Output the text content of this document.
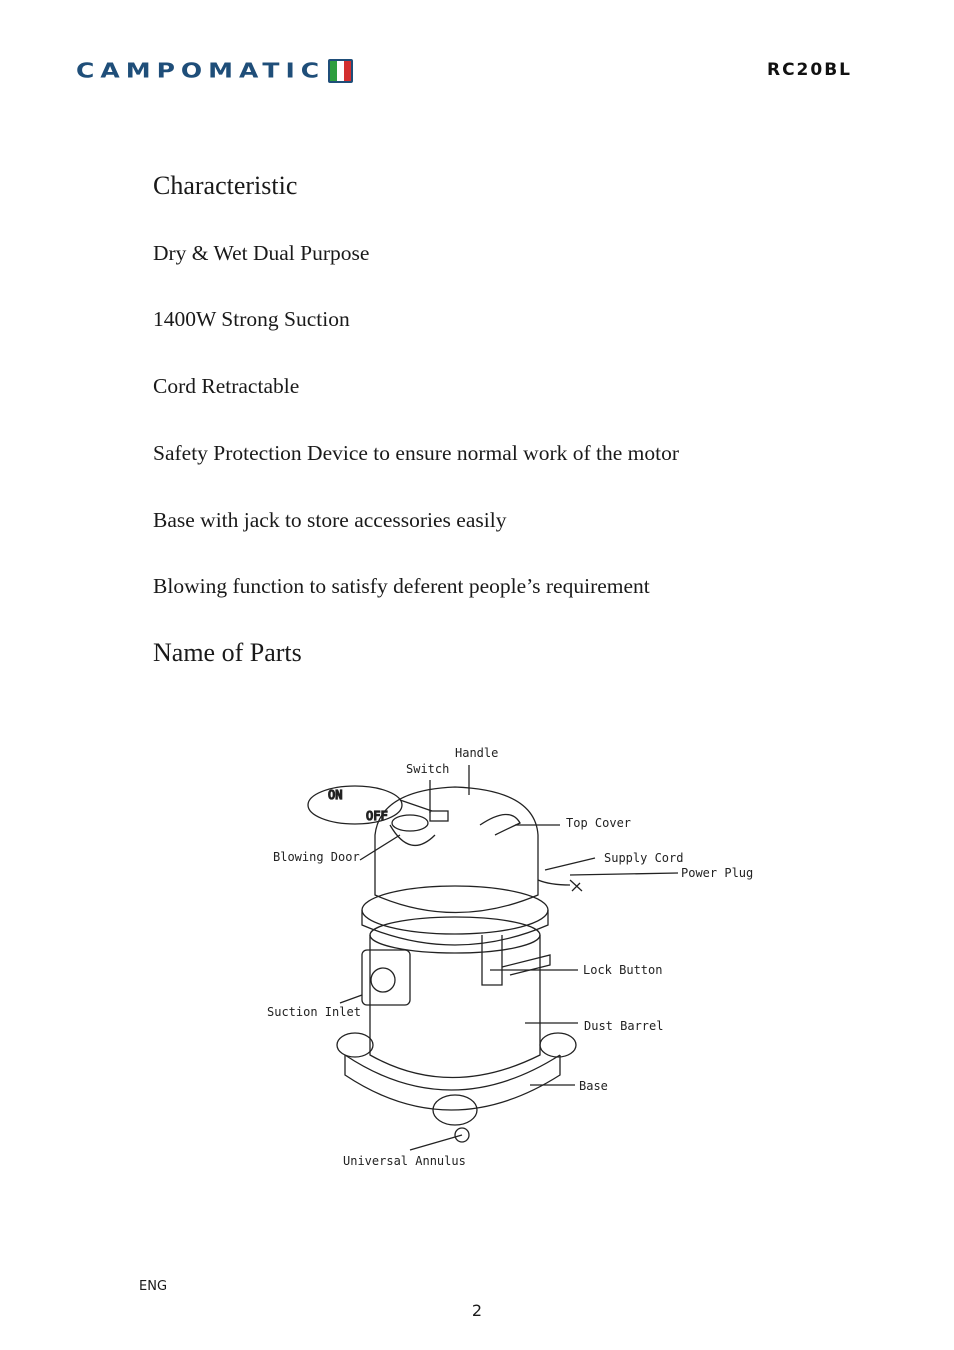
CAMPOMATIC	RC20BL
Characteristic
Dry & Wet Dual Purpose
1400W Strong Suction
Cord Retractable
Safety Protection Device to ensure normal work of the motor
Base with jack to store accessories easily
Blowing function to satisfy deferent people’s requirement
Name of Parts
ON
OFF
Handle
Switch
Top Cover
Blowing Door	Supply Cord
Power Plug
Lock Button
Suction Inlet
Dust Barrel
Base
Universal Annulus
ENG
2
